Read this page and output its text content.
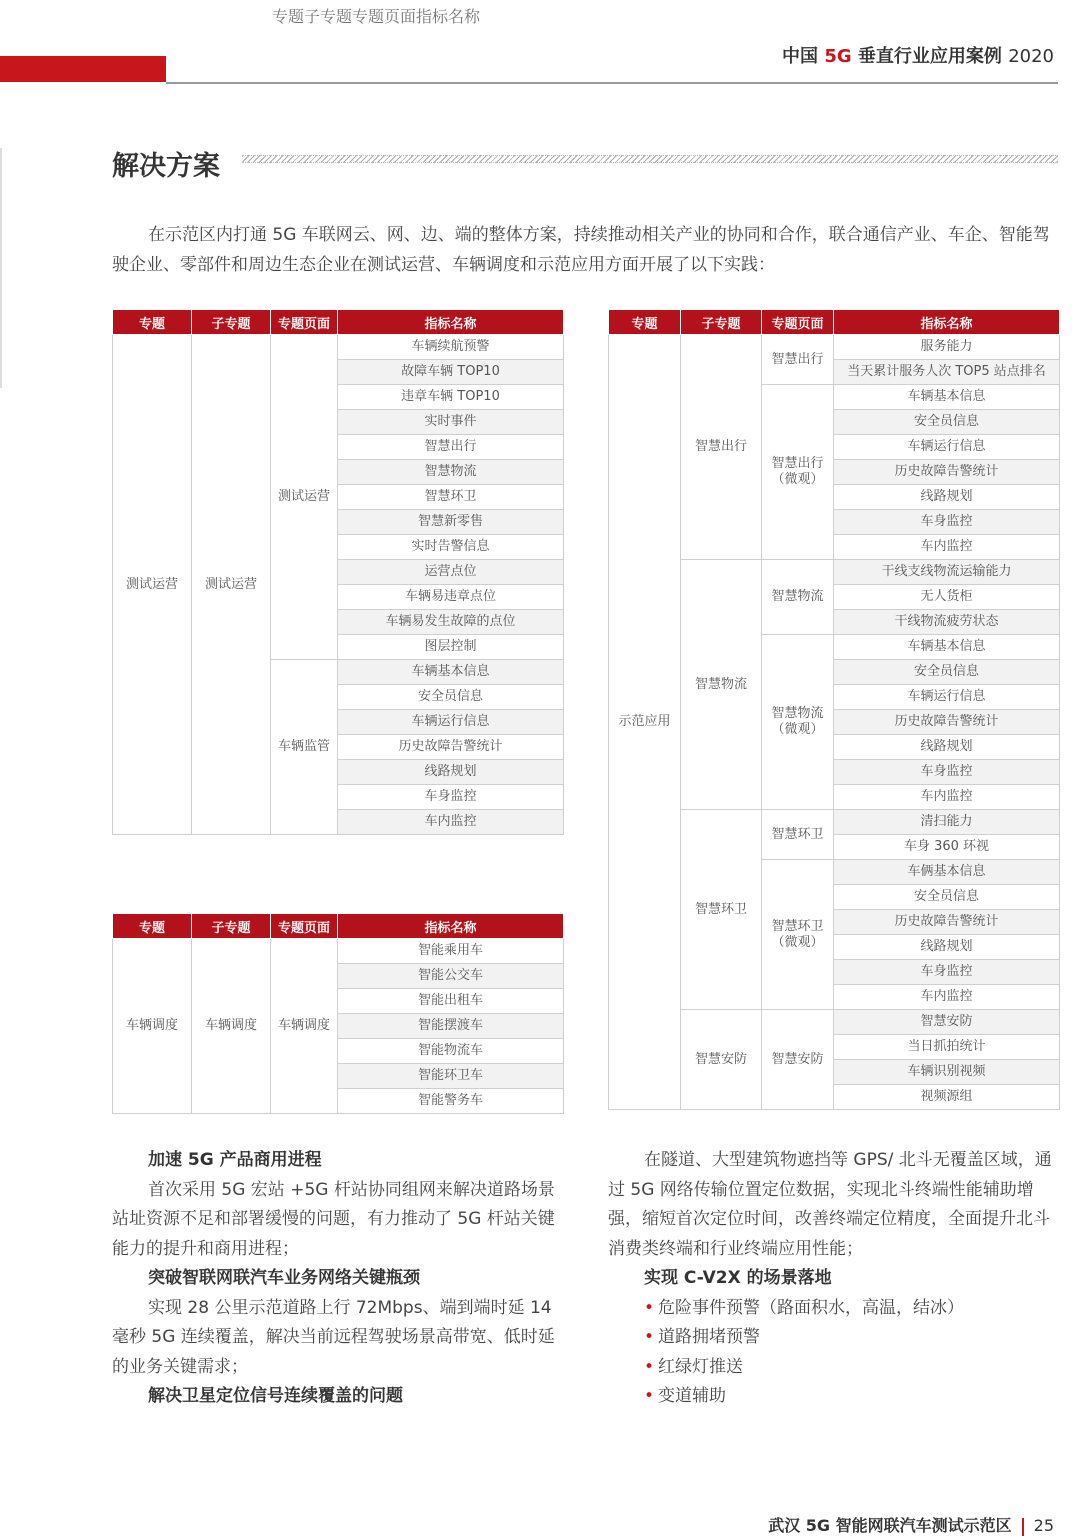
专题子专题专题页面指标名称
中国 5G 垂直行业应用案例 2020
解决方案
在示范区内打通 5G 车联网云、网、边、端的整体方案，持续推动相关产业的协同和合作，联合通信产业、车企、智能驾驶企业、零部件和周边生态企业在测试运营、车辆调度和示范应用方面开展了以下实践：
专题	子专题	专题页面	指标名称
测试运营	测试运营	测试运营	车辆续航预警
			故障车辆 TOP10
			违章车辆 TOP10
			实时事件
			智慧出行
			智慧物流
			智慧环卫
			智慧新零售
			实时告警信息
			运营点位
			车辆易违章点位
			车辆易发生故障的点位
			图层控制
		车辆监管	车辆基本信息
			安全员信息
			车辆运行信息
			历史故障告警统计
			线路规划
			车身监控
			车内监控
专题	子专题	专题页面	指标名称
车辆调度	车辆调度	车辆调度	智能乘用车
			智能公交车
			智能出租车
			智能摆渡车
			智能物流车
			智能环卫车
			智能警务车
专题	子专题	专题页面	指标名称
示范应用	智慧出行	智慧出行	服务能力
			当天累计服务人次 TOP5 站点排名
		智慧出行（微观）	车辆基本信息
			安全员信息
			车辆运行信息
			历史故障告警统计
			线路规划
			车身监控
			车内监控
	智慧物流	智慧物流	干线支线物流运输能力
			无人货柜
			干线物流疲劳状态
		智慧物流（微观）	车辆基本信息
			安全员信息
			车辆运行信息
			历史故障告警统计
			线路规划
			车身监控
			车内监控
	智慧环卫	智慧环卫	清扫能力
			车身 360 环视
		智慧环卫（微观）	车俩基本信息
			安全员信息
			历史故障告警统计
			线路规划
			车身监控
			车内监控
	智慧安防	智慧安防	智慧安防
			当日抓拍统计
			车辆识别视频
			视频源组
加速 5G 产品商用进程
首次采用 5G 宏站 +5G 杆站协同组网来解决道路场景站址资源不足和部署缓慢的问题，有力推动了 5G 杆站关键能力的提升和商用进程；
突破智联网联汽车业务网络关键瓶颈
实现 28 公里示范道路上行 72Mbps、端到端时延 14 毫秒 5G 连续覆盖，解决当前远程驾驶场景高带宽、低时延的业务关键需求；
解决卫星定位信号连续覆盖的问题
在隧道、大型建筑物遮挡等 GPS/ 北斗无覆盖区域，通过 5G 网络传输位置定位数据，实现北斗终端性能辅助增强，缩短首次定位时间，改善终端定位精度，全面提升北斗消费类终端和行业终端应用性能；
实现 C-V2X 的场景落地
• 危险事件预警（路面积水，高温，结冰）
• 道路拥堵预警
• 红绿灯推送
• 变道辅助
武汉 5G 智能网联汽车测试示范区 25
